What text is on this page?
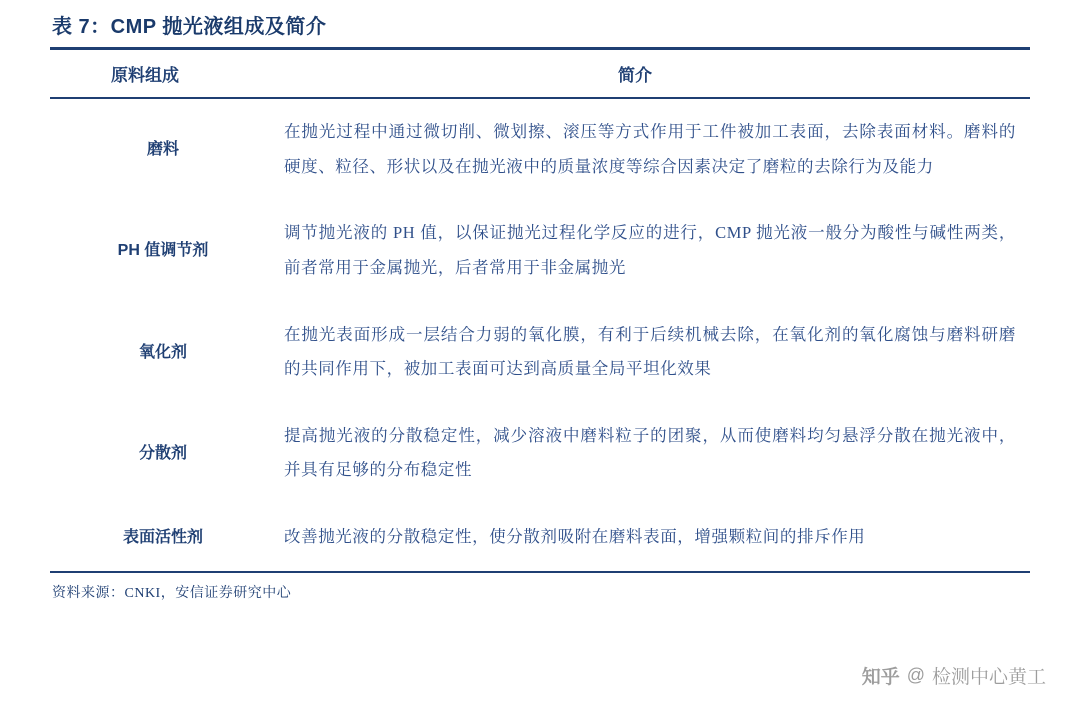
表 7：CMP 抛光液组成及简介
原料组成	简介
磨料	在抛光过程中通过微切削、微划擦、滚压等方式作用于工件被加工表面，去除表面材料。磨料的硬度、粒径、形状以及在抛光液中的质量浓度等综合因素决定了磨粒的去除行为及能力
PH 值调节剂	调节抛光液的 PH 值，以保证抛光过程化学反应的进行，CMP 抛光液一般分为酸性与碱性两类，前者常用于金属抛光，后者常用于非金属抛光
氧化剂	在抛光表面形成一层结合力弱的氧化膜，有利于后续机械去除，在氧化剂的氧化腐蚀与磨料研磨的共同作用下，被加工表面可达到高质量全局平坦化效果
分散剂	提高抛光液的分散稳定性，减少溶液中磨料粒子的团聚，从而使磨料均匀悬浮分散在抛光液中，并具有足够的分布稳定性
表面活性剂	改善抛光液的分散稳定性，使分散剂吸附在磨料表面，增强颗粒间的排斥作用
资料来源：CNKI，安信证券研究中心
知乎 @ 检测中心黄工
